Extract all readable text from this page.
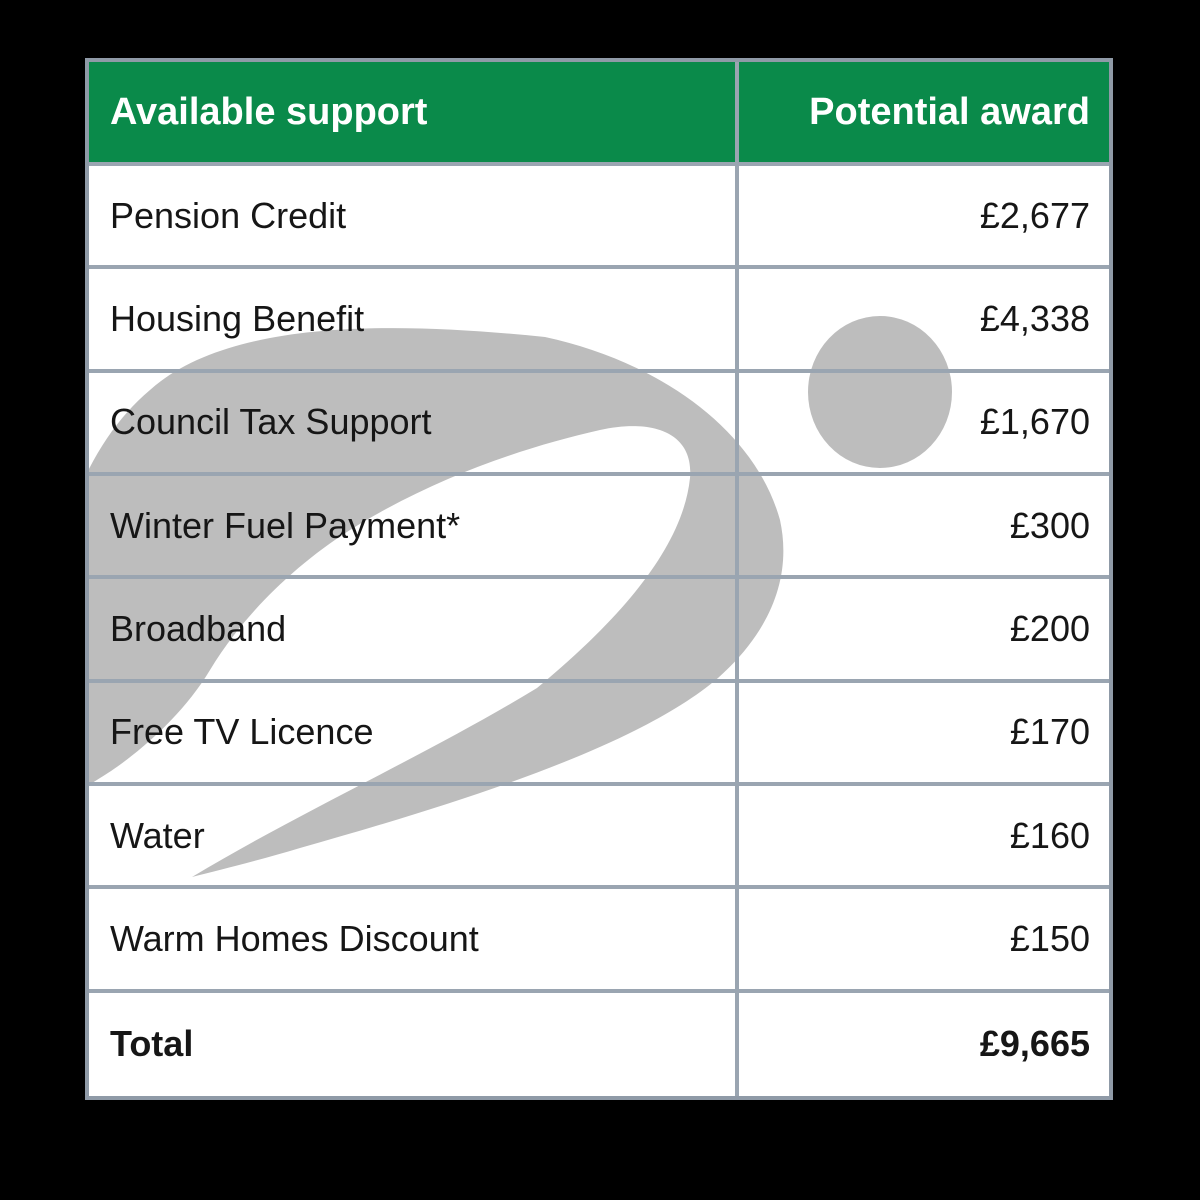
Available support	Potential award
Pension Credit	£2,677
Housing Benefit	£4,338
Council Tax Support	£1,670
Winter Fuel Payment*	£300
Broadband	£200
Free TV Licence	£170
Water	£160
Warm Homes Discount	£150
Total	£9,665
